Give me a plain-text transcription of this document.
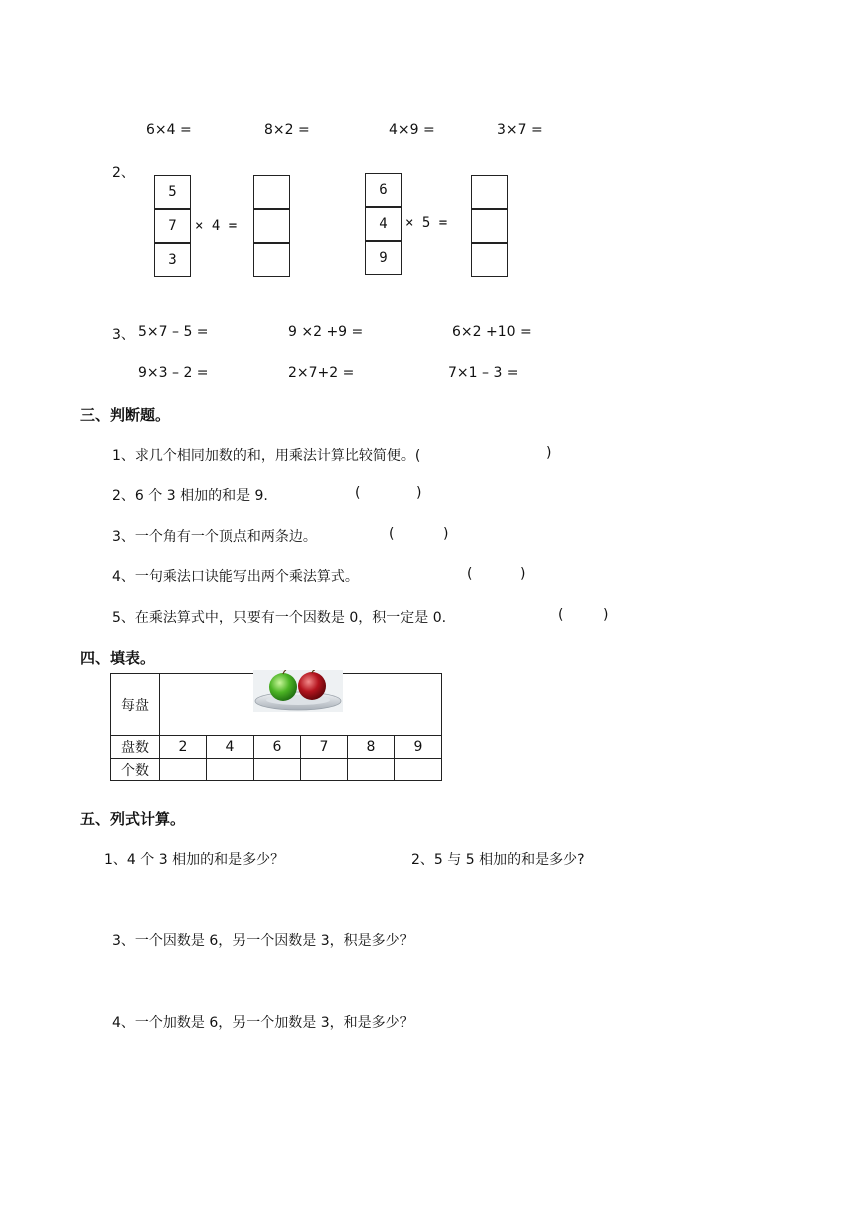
6×4 =	8×2 =	4×9 =	3×7 =
2、
5
7
3
× 4 =
6
4
9
× 5 =
3、 5×7 – 5 =	9 ×2 +9 =	6×2 +10 =
9×3 – 2 =	2×7+2 =	7×1 – 3 =
三、判断题。
1、求几个相同加数的和，用乘法计算比较简便。(	)
2、6 个 3 相加的和是 9.	(	)
3、一个角有一个顶点和两条边。	(	)
4、一句乘法口诀能写出两个乘法算式。	(	)
5、在乘法算式中，只要有一个因数是 0，积一定是 0.	(	)
四、填表。
每盘	

盘数	2	4	6	7	8	9
个数						
五、列式计算。
1、4 个 3 相加的和是多少？	2、5 与 5 相加的和是多少?
3、一个因数是 6，另一个因数是 3，积是多少？
4、一个加数是 6，另一个加数是 3，和是多少？
